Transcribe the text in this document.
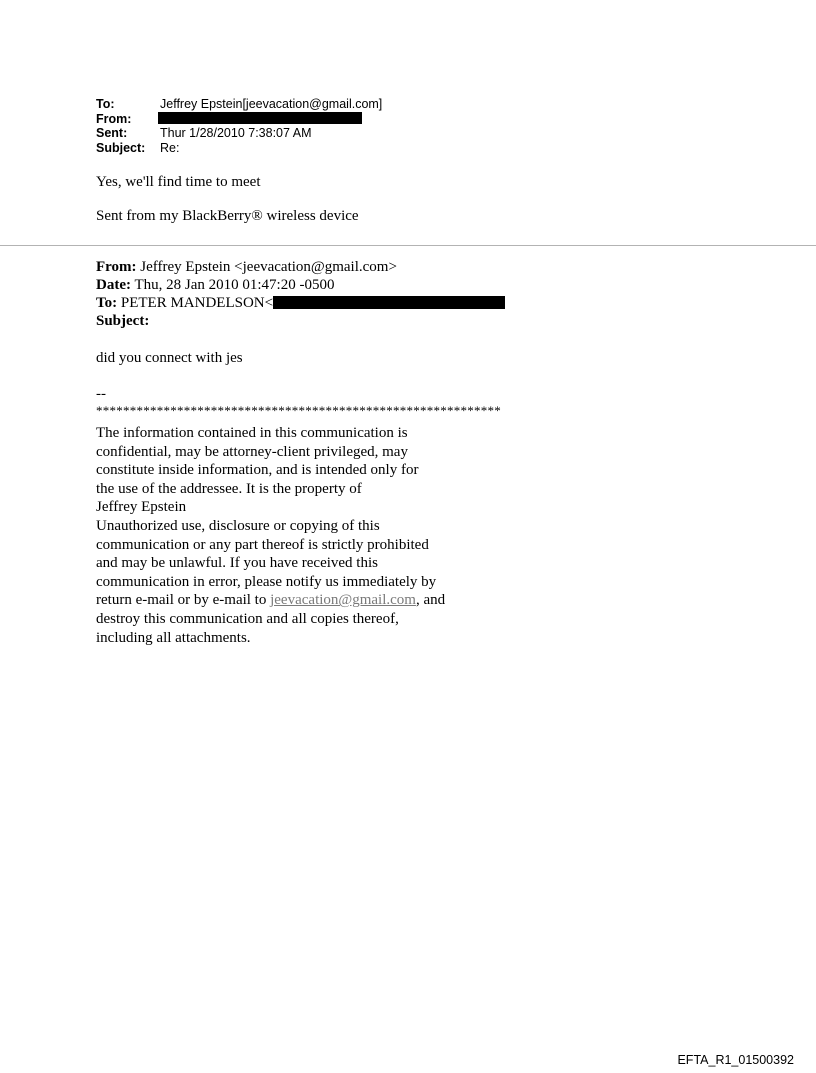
To:	Jeffrey Epstein[jeevacation@gmail.com]
From:
Sent:	Thur 1/28/2010 7:38:07 AM
Subject:	Re:
Yes, we'll find time to meet
Sent from my BlackBerry® wireless device
From: Jeffrey Epstein <jeevacation@gmail.com>
Date: Thu, 28 Jan 2010 01:47:20 -0500
To: PETER MANDELSON<
Subject:
did you connect with jes
--
************************************************************
The information contained in this communication is
confidential, may be attorney-client privileged, may
constitute inside information, and is intended only for
the use of the addressee. It is the property of
Jeffrey Epstein
Unauthorized use, disclosure or copying of this
communication or any part thereof is strictly prohibited
and may be unlawful. If you have received this
communication in error, please notify us immediately by
return e-mail or by e-mail to jeevacation@gmail.com, and
destroy this communication and all copies thereof,
including all attachments.
EFTA_R1_01500392
